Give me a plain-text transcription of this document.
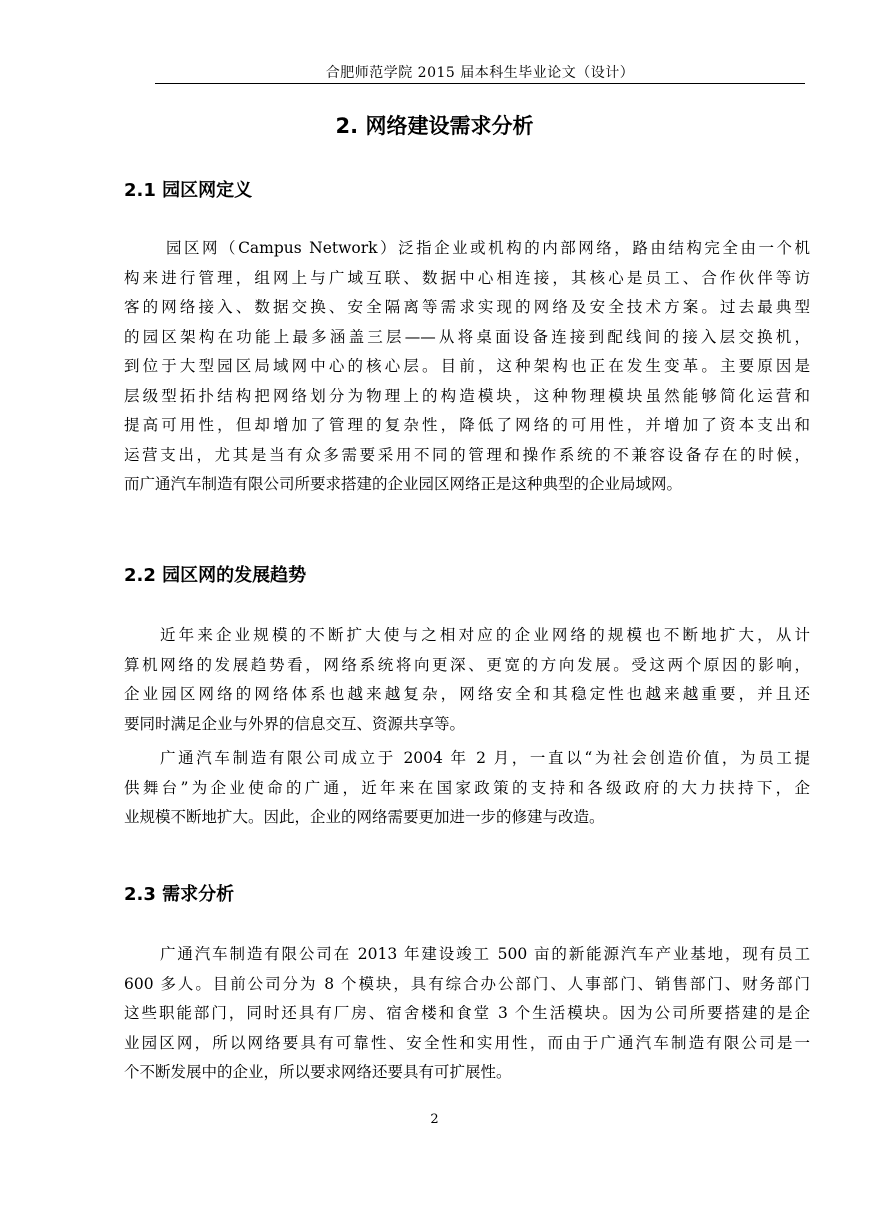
合肥师范学院 2015 届本科生毕业论文（设计）
2. 网络建设需求分析
2.1 园区网定义
园区网（Campus Network）泛指企业或机构的内部网络，路由结构完全由一个机
构来进行管理，组网上与广域互联、数据中心相连接，其核心是员工、合作伙伴等访
客的网络接入、数据交换、安全隔离等需求实现的网络及安全技术方案。过去最典型
的园区架构在功能上最多涵盖三层——从将桌面设备连接到配线间的接入层交换机，
到位于大型园区局域网中心的核心层。目前，这种架构也正在发生变革。主要原因是
层级型拓扑结构把网络划分为物理上的构造模块，这种物理模块虽然能够简化运营和
提高可用性，但却增加了管理的复杂性，降低了网络的可用性，并增加了资本支出和
运营支出，尤其是当有众多需要采用不同的管理和操作系统的不兼容设备存在的时候，
而广通汽车制造有限公司所要求搭建的企业园区网络正是这种典型的企业局域网。
2.2 园区网的发展趋势
近年来企业规模的不断扩大使与之相对应的企业网络的规模也不断地扩大，从计
算机网络的发展趋势看，网络系统将向更深、更宽的方向发展。受这两个原因的影响，
企业园区网络的网络体系也越来越复杂，网络安全和其稳定性也越来越重要，并且还
要同时满足企业与外界的信息交互、资源共享等。
广通汽车制造有限公司成立于 2004 年 2 月，一直以“为社会创造价值，为员工提
供舞台”为企业使命的广通，近年来在国家政策的支持和各级政府的大力扶持下，企
业规模不断地扩大。因此，企业的网络需要更加进一步的修建与改造。
2.3 需求分析
广通汽车制造有限公司在 2013 年建设竣工 500 亩的新能源汽车产业基地，现有员工
600 多人。目前公司分为 8 个模块，具有综合办公部门、人事部门、销售部门、财务部门
这些职能部门，同时还具有厂房、宿舍楼和食堂 3 个生活模块。因为公司所要搭建的是企
业园区网，所以网络要具有可靠性、安全性和实用性，而由于广通汽车制造有限公司是一
个不断发展中的企业，所以要求网络还要具有可扩展性。
2
